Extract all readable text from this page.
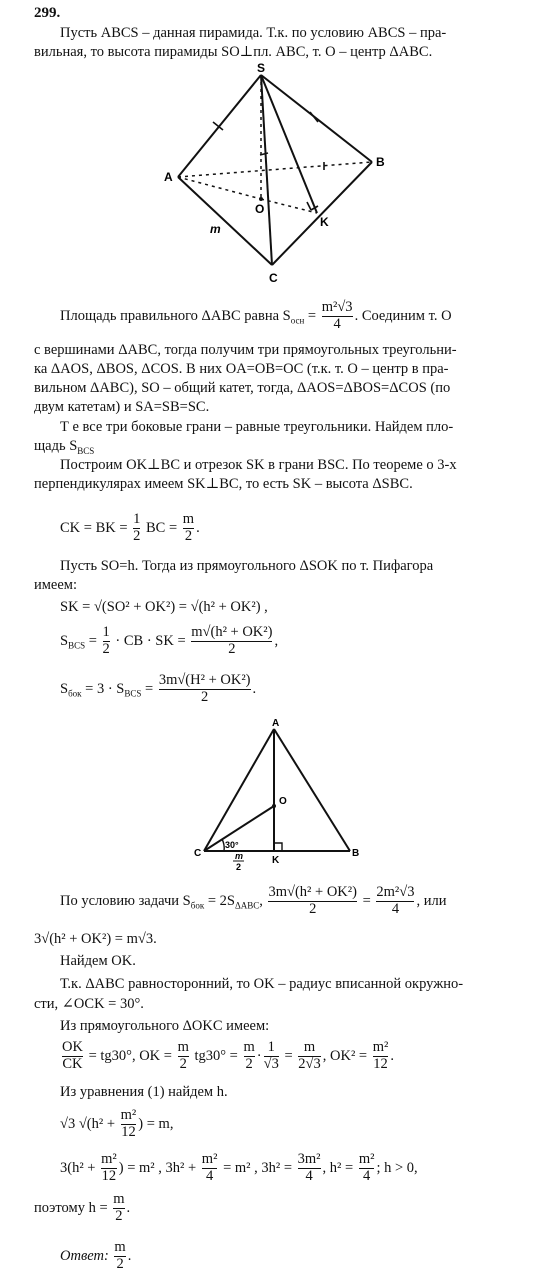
299.
Пусть ABCS – данная пирамида. Т.к. по условию ABCS – пра-
вильная, то высота пирамиды SO⊥пл. ABC, т. O – центр ΔABC.
S
A
B
C
O
K
m
Площадь правильного ΔABC равна $S_{осн} = \frac{\text{m²√3}}{4}$ . Соединим т. O
с вершинами ΔABC, тогда получим три прямоугольных треугольни-
ка ΔAOS, ΔBOS, ΔCOS. В них OA=OB=OC (т.к. т. O – центр в пра-
вильном ΔABC), SO – общий катет, тогда, ΔAOS=ΔBOS=ΔCOS (по
двум катетам) и SA=SB=SC.
Т е все три боковые грани – равные треугольники. Найдем пло-
щадь $S_{BCS}$
Построим OK⊥BC и отрезок SK в грани BSC. По теореме о 3-х
перпендикулярах имеем SK⊥BC, то есть SK – высота ΔSBC.
CK = BK = $\frac{1}{2}$ BC = $\frac{m}{2}$ .
Пусть SO=h. Тогда из прямоугольного ΔSOK по т. Пифагора
имеем:
SK = √(SO² + OK²) = √(h² + OK²) ,
$S_{BCS} = \frac{1}{2}$ · CB · SK = $\frac{\text{m√(h² + OK²)}}{2}$ ,
$S_{бок} = 3 \cdot S_{BCS} = \frac{\text{3m√(H² + OK²)}}{2}$ .
A
O
C
K
B
30°
m
2
По условию задачи $S_{бок} = 2S_{\Delta ABC}$, $\frac{\text{3m√(h² + OK²)}}{2} = \frac{\text{2m²√3}}{4}$ , или
3√(h² + OK²) = m√3.
Найдем OK.
Т.к. ΔABC равносторонний, то OK – радиус вписанной окружно-
сти, ∠OCK = 30°.
Из прямоугольного ΔOKC имеем:
$\frac{OK}{CK} = tg30^\circ$, OK = $\frac{m}{2} tg30^\circ = \frac{m}{2} \cdot \frac{1}{√3} = \frac{m}{2√3}$ , $OK^2 = \frac{\text{m²}}{12}$ .
Из уравнения (1) найдем h.
√3 $√(h^2 + \frac{\text{m²}}{12}$ ) = m,
$3(h^2 + \frac{\text{m²}}{12}$ ) = m² , $3h^2 + \frac{\text{m²}}{4} = m^2$ , $3h^2 = \frac{\text{3m²}}{4}$ , $h^2 = \frac{\text{m²}}{4}$ ; h > 0,
поэтому $h = \frac{m}{2}$ .
Ответ: $\frac{m}{2}$ .
